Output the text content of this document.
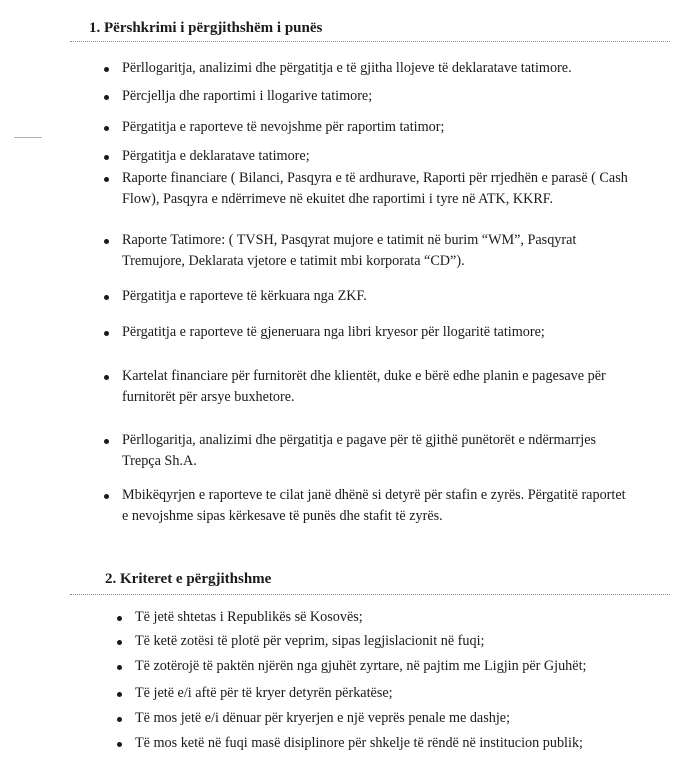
1. Përshkrimi i përgjithshëm i punës
Përllogaritja, analizimi dhe përgatitja e të gjitha llojeve të deklaratave tatimore.
Përcjellja dhe raportimi i llogarive tatimore;
Përgatitja e raporteve të nevojshme për raportim tatimor;
Përgatitja e deklaratave tatimore;
Raporte financiare ( Bilanci, Pasqyra e të ardhurave, Raporti për rrjedhën e parasë ( Cash
Flow), Pasqyra e ndërrimeve në ekuitet dhe raportimi i tyre në ATK, KKRF.
Raporte Tatimore: ( TVSH, Pasqyrat mujore e tatimit në burim “WM”, Pasqyrat
Tremujore, Deklarata vjetore e tatimit mbi korporata “CD”).
Përgatitja e raporteve të kërkuara nga ZKF.
Përgatitja e raporteve të gjeneruara nga libri kryesor për llogaritë tatimore;
Kartelat financiare për furnitorët dhe klientët, duke e bërë edhe planin e pagesave për
furnitorët për arsye buxhetore.
Përllogaritja, analizimi dhe përgatitja e pagave për të gjithë punëtorët e ndërmarrjes
Trepça Sh.A.
Mbikëqyrjen e raporteve te cilat janë dhënë si detyrë për stafin e zyrës. Përgatitë raportet
e nevojshme sipas kërkesave të punës dhe stafit të zyrës.
2. Kriteret e përgjithshme
Të jetë shtetas i Republikës së Kosovës;
Të ketë zotësi të plotë për veprim, sipas legjislacionit në fuqi;
Të zotërojë të paktën njërën nga gjuhët zyrtare, në pajtim me Ligjin për Gjuhët;
Të jetë e/i aftë për të kryer detyrën përkatëse;
Të mos jetë e/i dënuar për kryerjen e një veprës penale me dashje;
Të mos ketë në fuqi masë disiplinore për shkelje të rëndë në institucion publik;
